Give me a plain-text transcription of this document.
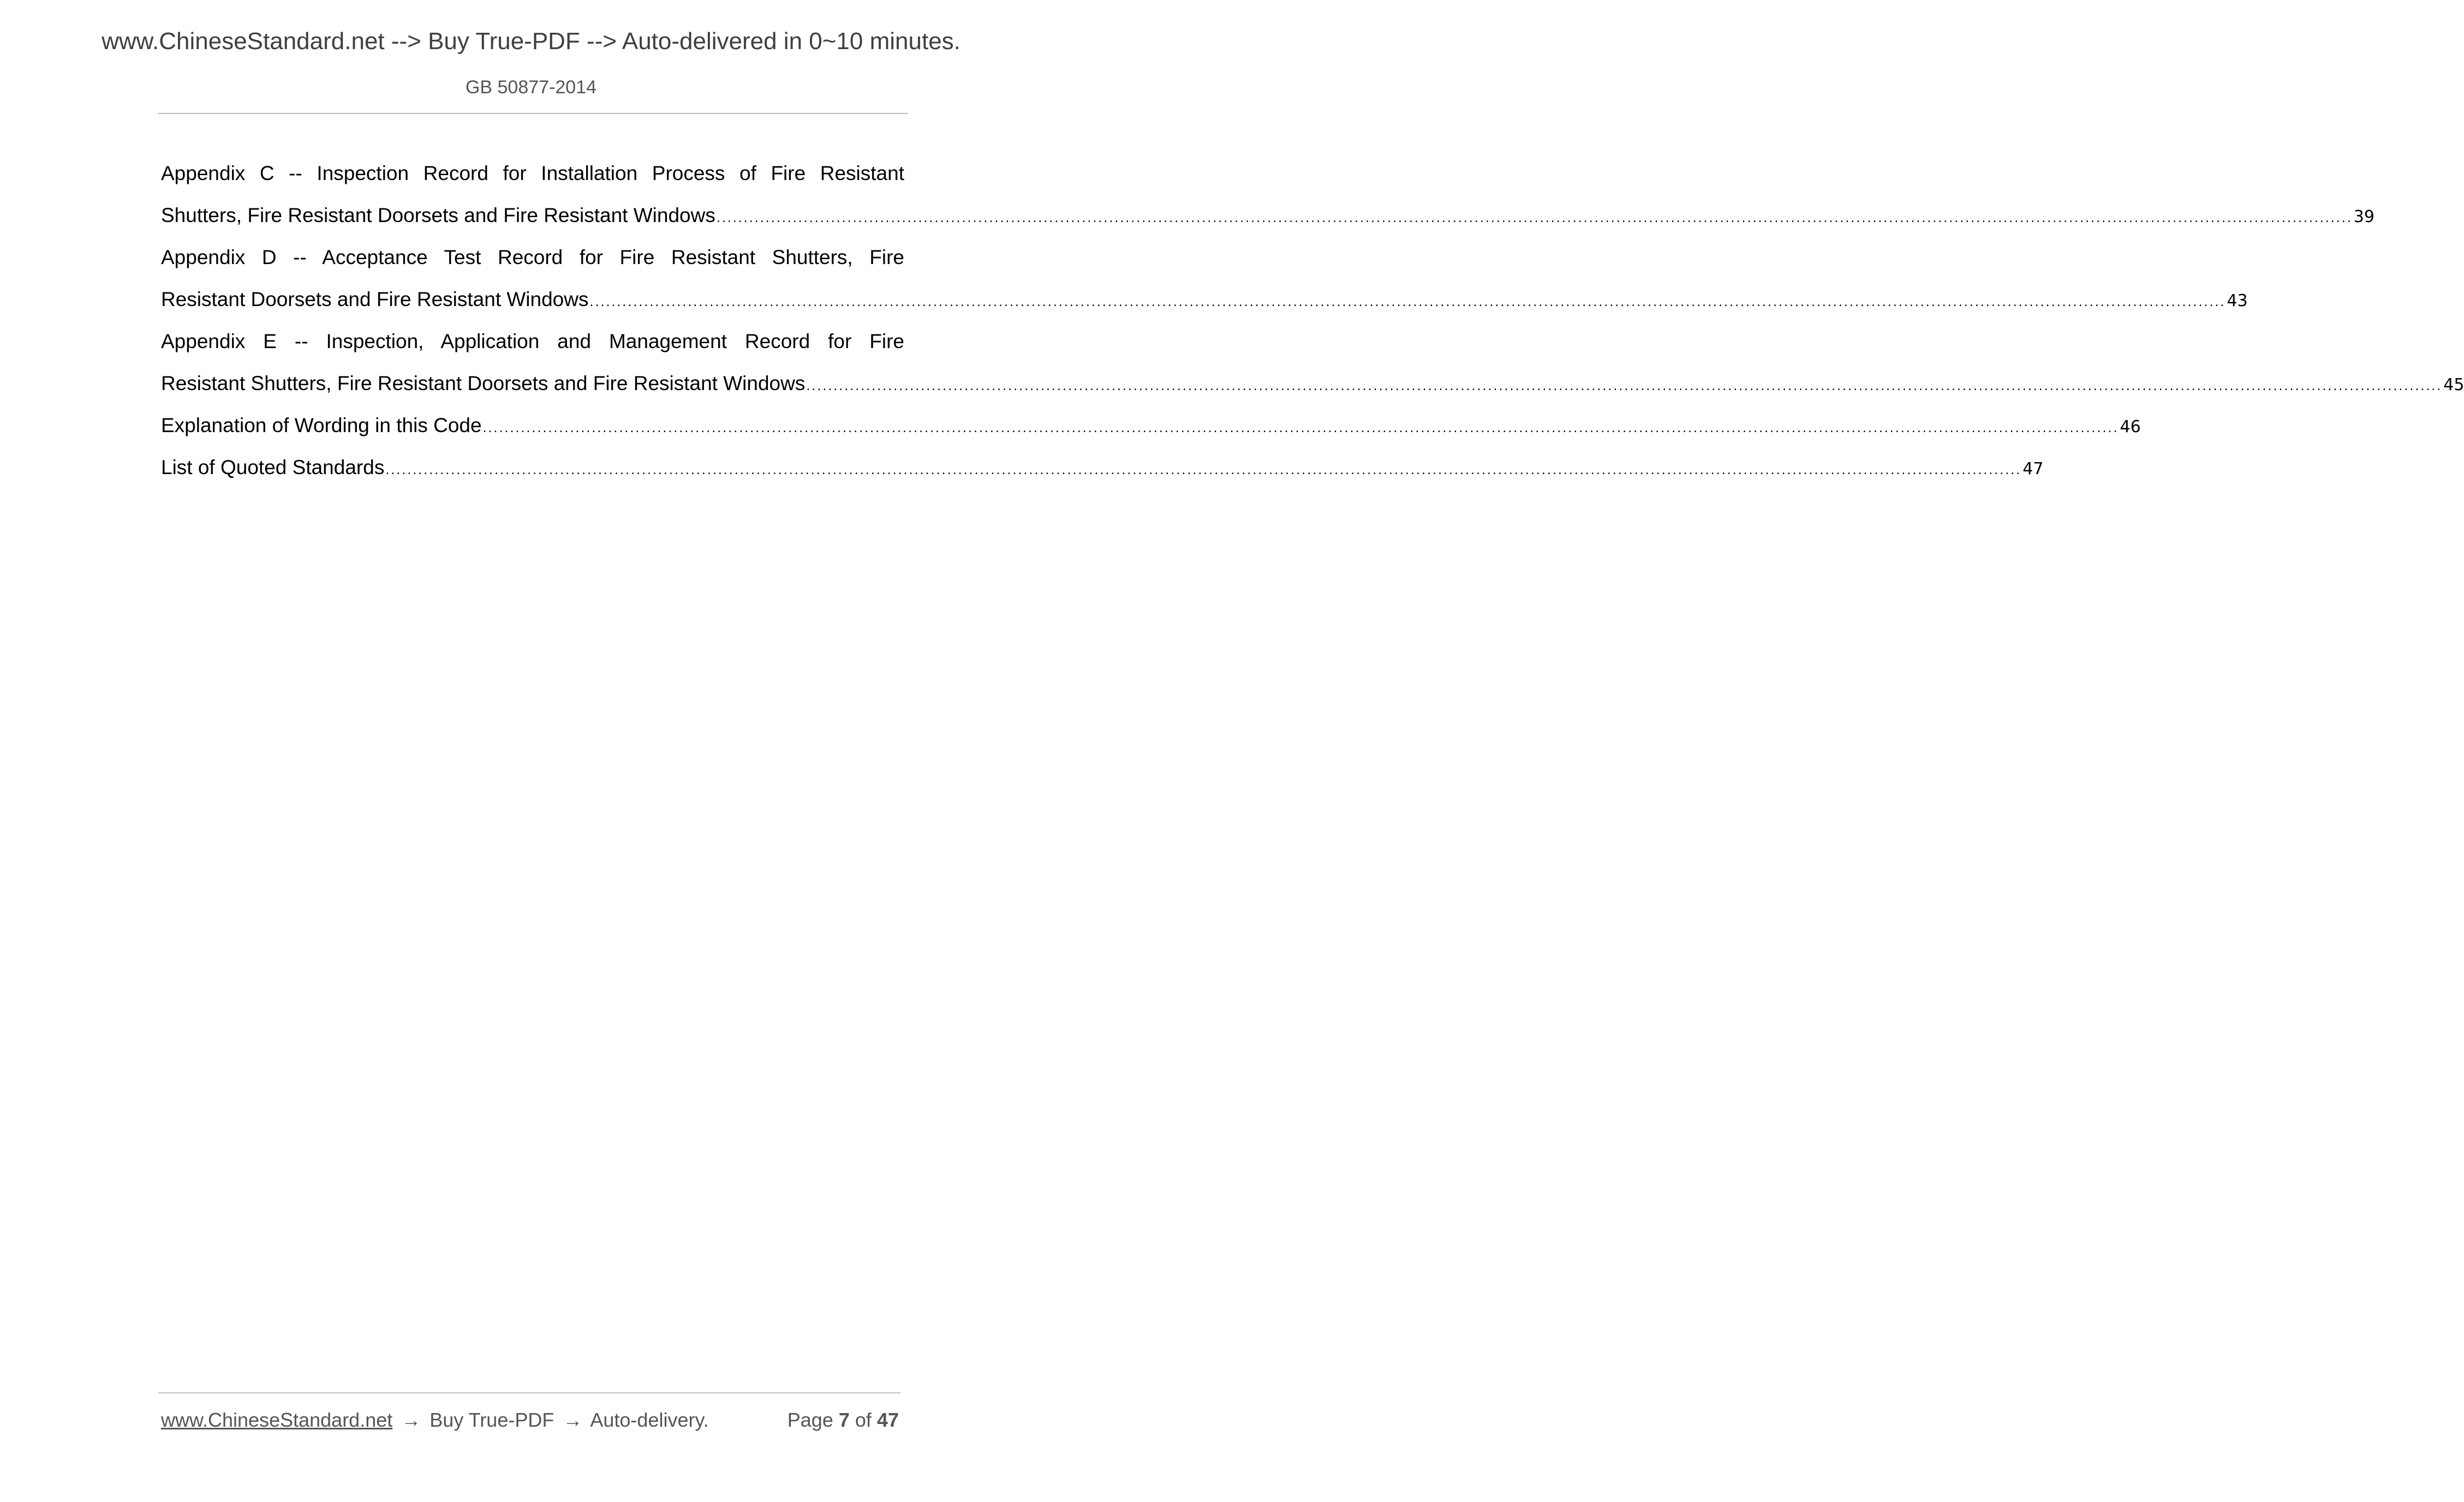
www.ChineseStandard.net --> Buy True-PDF --> Auto-delivered in 0~10 minutes.
GB 50877-2014
Appendix C -- Inspection Record for Installation Process of Fire Resistant
Shutters, Fire Resistant Doorsets and Fire Resistant Windows ............................................................................................................................................................................................................................................................................................................ 39
Appendix D -- Acceptance Test Record for Fire Resistant Shutters, Fire
Resistant Doorsets and Fire Resistant Windows ............................................................................................................................................................................................................................................................................................................ 43
Appendix E -- Inspection, Application and Management Record for Fire
Resistant Shutters, Fire Resistant Doorsets and Fire Resistant Windows ............................................................................................................................................................................................................................................................................................................ 45
Explanation of Wording in this Code ............................................................................................................................................................................................................................................................................................................ 46
List of Quoted Standards ............................................................................................................................................................................................................................................................................................................ 47
www.ChineseStandard.net → Buy True-PDF → Auto-delivery.	Page 7 of 47
